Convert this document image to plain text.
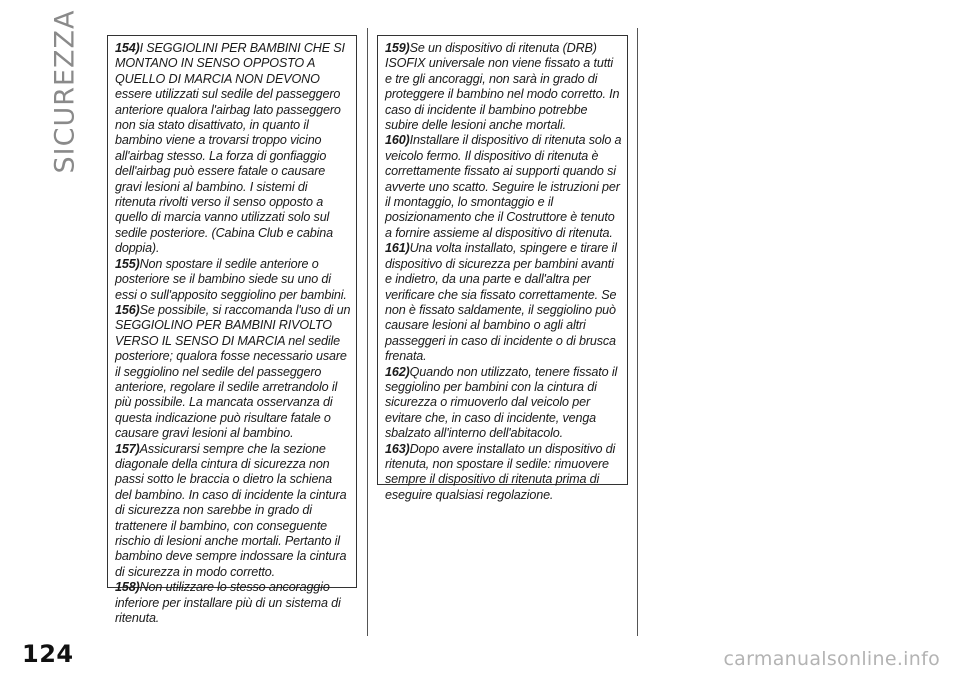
SICUREZZA	154)I SEGGIOLINI PER BAMBINI CHE SI MONTANO IN SENSO OPPOSTO A QUELLO DI MARCIA NON DEVONO essere utilizzati sul sedile del passeggero anteriore qualora l'airbag lato passeggero non sia stato disattivato, in quanto il bambino viene a trovarsi troppo vicino all'airbag stesso. La forza di gonfiaggio dell'airbag può essere fatale o causare gravi lesioni al bambino. I sistemi di ritenuta rivolti verso il senso opposto a quello di marcia vanno utilizzati solo sul sedile posteriore. (Cabina Club e cabina doppia).

155)Non spostare il sedile anteriore o posteriore se il bambino siede su uno di essi o sull'apposito seggiolino per bambini.

156)Se possibile, si raccomanda l'uso di un SEGGIOLINO PER BAMBINI RIVOLTO VERSO IL SENSO DI MARCIA nel sedile posteriore; qualora fosse necessario usare il seggiolino nel sedile del passeggero anteriore, regolare il sedile arretrandolo il più possibile. La mancata osservanza di questa indicazione può risultare fatale o causare gravi lesioni al bambino.

157)Assicurarsi sempre che la sezione diagonale della cintura di sicurezza non passi sotto le braccia o dietro la schiena del bambino. In caso di incidente la cintura di sicurezza non sarebbe in grado di trattenere il bambino, con conseguente rischio di lesioni anche mortali. Pertanto il bambino deve sempre indossare la cintura di sicurezza in modo corretto.

158)Non utilizzare lo stesso ancoraggio inferiore per installare più di un sistema di ritenuta.

159)Se un dispositivo di ritenuta (DRB) ISOFIX universale non viene fissato a tutti e tre gli ancoraggi, non sarà in grado di proteggere il bambino nel modo corretto. In caso di incidente il bambino potrebbe subire delle lesioni anche mortali.

160)Installare il dispositivo di ritenuta solo a veicolo fermo. Il dispositivo di ritenuta è correttamente fissato ai supporti quando si avverte uno scatto. Seguire le istruzioni per il montaggio, lo smontaggio e il posizionamento che il Costruttore è tenuto a fornire assieme al dispositivo di ritenuta.

161)Una volta installato, spingere e tirare il dispositivo di sicurezza per bambini avanti e indietro, da una parte e dall'altra per verificare che sia fissato correttamente. Se non è fissato saldamente, il seggiolino può causare lesioni al bambino o agli altri passeggeri in caso di incidente o di brusca frenata.

162)Quando non utilizzato, tenere fissato il seggiolino per bambini con la cintura di sicurezza o rimuoverlo dal veicolo per evitare che, in caso di incidente, venga sbalzato all'interno dell'abitacolo.

163)Dopo avere installato un dispositivo di ritenuta, non spostare il sedile: rimuovere sempre il dispositivo di ritenuta prima di eseguire qualsiasi regolazione.

124	carmanualsonline.info
